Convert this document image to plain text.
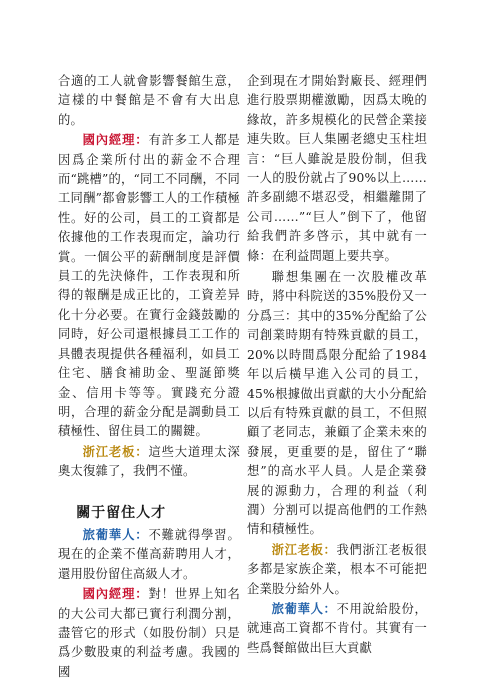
合適的工人就會影響餐館生意，這樣的中餐館是不會有大出息的。

國內經理：有許多工人都是因爲企業所付出的薪金不合理而“跳槽”的，“同工不同酬，不同工同酬”都會影響工人的工作積極性。好的公司，員工的工資都是依據他的工作表現而定，論功行賞。一個公平的薪酬制度是評價員工的先決條件，工作表現和所得的報酬是成正比的，工資差异化十分必要。在實行金錢鼓勵的同時，好公司還根據員工工作的具體表現提供各種福利，如員工住宅、膳食補助金、聖誕節獎金、信用卡等等。實踐充分證明，合理的薪金分配是調動員工積極性、留住員工的關鍵。

浙江老板：這些大道理太深奧太復雜了，我們不懂。

關于留住人才

旅葡華人：不難就得學習。現在的企業不僅高薪聘用人才，還用股份留住高級人才。

國內經理：對！世界上知名的大公司大都已實行利潤分割，盡管它的形式（如股份制）只是爲少數股東的利益考慮。我國的國

企到現在才開始對廠長、經理們進行股票期權激勵，因爲太晚的緣故，許多規模化的民營企業接連失敗。巨人集團老總史玉柱坦言：“巨人雖說是股份制，但我一人的股份就占了90%以上……許多副總不堪忍受，相繼離開了公司……”“巨人”倒下了，他留給我們許多啓示，其中就有一條：在利益問題上要共享。

聯想集團在一次股權改革時，將中科院送的35%股份又一分爲三：其中的35%分配給了公司創業時期有特殊貢獻的員工，20%以時間爲限分配給了1984年以后橫早進入公司的員工，45%根據做出貢獻的大小分配給以后有特殊貢獻的員工，不但照顧了老同志，兼顧了企業未來的發展，更重要的是，留住了“聯想”的高水平人員。人是企業發展的源動力，合理的利益（利潤）分割可以提高他們的工作熱情和積極性。

浙江老板：我們浙江老板很多都是家族企業，根本不可能把企業股分給外人。

旅葡華人：不用說給股份，就連高工資都不肯付。其實有一些爲餐館做出巨大貢獻
